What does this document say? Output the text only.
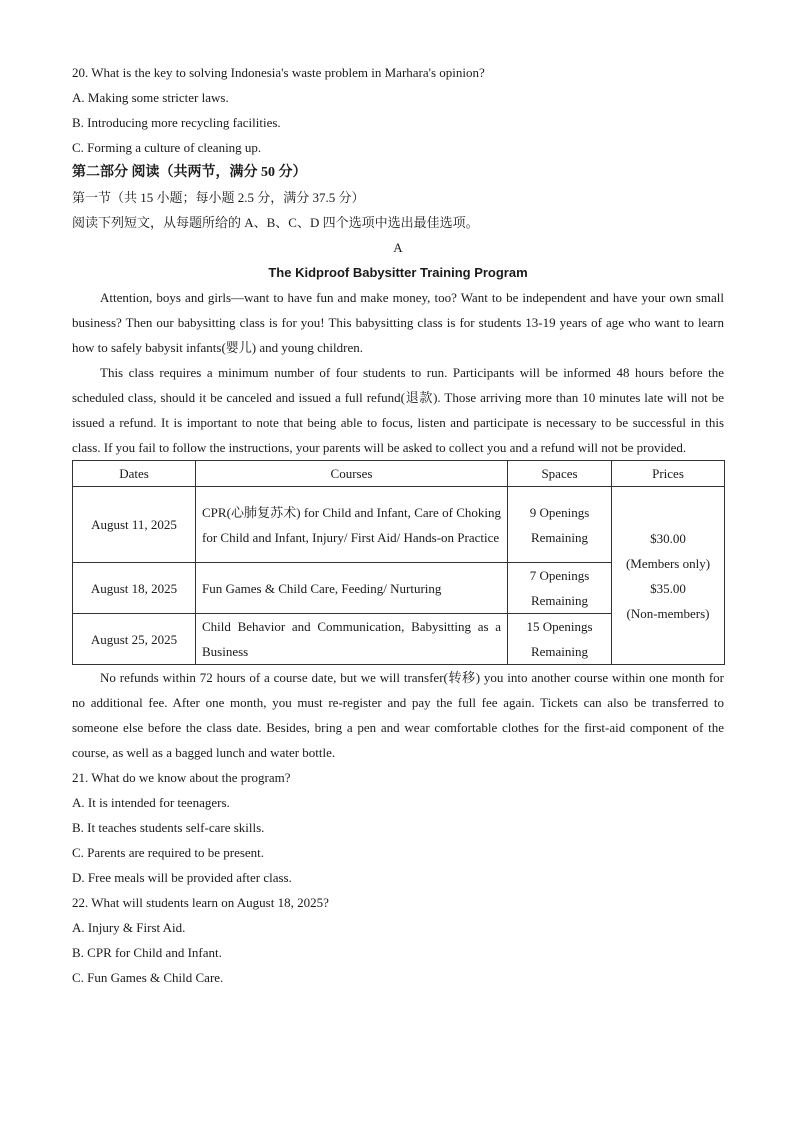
20. What is the key to solving Indonesia's waste problem in Marhara's opinion?
A. Making some stricter laws.
B. Introducing more recycling facilities.
C. Forming a culture of cleaning up.
第二部分 阅读（共两节，满分 50 分）
第一节（共 15 小题；每小题 2.5 分，满分 37.5 分）
阅读下列短文，从每题所给的 A、B、C、D 四个选项中选出最佳选项。
A
The Kidproof Babysitter Training Program
Attention, boys and girls—want to have fun and make money, too? Want to be independent and have your own small business? Then our babysitting class is for you! This babysitting class is for students 13-19 years of age who want to learn how to safely babysit infants(婴儿) and young children.
This class requires a minimum number of four students to run. Participants will be informed 48 hours before the scheduled class, should it be canceled and issued a full refund(退款). Those arriving more than 10 minutes late will not be issued a refund. It is important to note that being able to focus, listen and participate is necessary to be successful in this class. If you fail to follow the instructions, your parents will be asked to collect you and a refund will not be provided.
Dates	Courses	Spaces	Prices
August 11, 2025	CPR(心肺复苏术) for Child and Infant, Care of Choking for Child and Infant, Injury/ First Aid/ Hands-on Practice	9 Openings Remaining	$30.00
(Members only)
$35.00
(Non-members)

August 18, 2025	Fun Games & Child Care, Feeding/ Nurturing	7 Openings Remaining	
August 25, 2025	Child Behavior and Communication, Babysitting as a Business	15 Openings Remaining	
No refunds within 72 hours of a course date, but we will transfer(转移) you into another course within one month for no additional fee. After one month, you must re-register and pay the full fee again. Tickets can also be transferred to someone else before the class date. Besides, bring a pen and wear comfortable clothes for the first-aid component of the course, as well as a bagged lunch and water bottle.
21. What do we know about the program?
A. It is intended for teenagers.
B. It teaches students self-care skills.
C. Parents are required to be present.
D. Free meals will be provided after class.
22. What will students learn on August 18, 2025?
A. Injury & First Aid.
B. CPR for Child and Infant.
C. Fun Games & Child Care.
